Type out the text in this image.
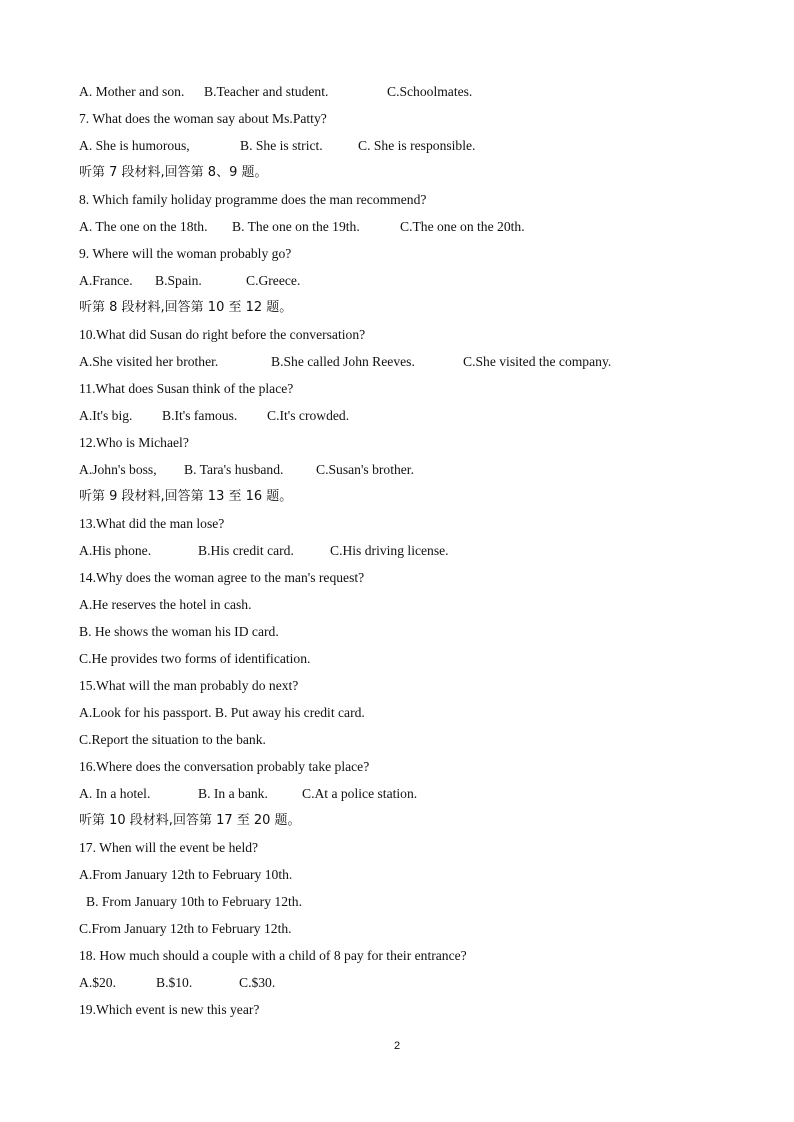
A. Mother and son.

B.Teacher and student.

	C.Schoolmates.

7. What does the woman say about Ms.Patty?

A. She is humorous,

	B. She is strict.

	C. She is responsible.

听第 7 段材料,回答第 8、9 题。
8. Which family holiday programme does the man recommend?

A. The one on the 18th.

B. The one on the 19th.

	C.The one on the 20th.

9. Where will the woman probably go?

A.France.

B.Spain.

	C.Greece.

听第 8 段材料,回答第 10 至 12 题。
10.What did Susan do right before the conversation?

A.She visited her brother.

	B.She called John Reeves.

	C.She visited the company.

11.What does Susan think of the place?

A.It's big.

B.It's famous.

C.It's crowded.

12.Who is Michael?

A.John's boss,

B. Tara's husband.

C.Susan's brother.

听第 9 段材料,回答第 13 至 16 题。
13.What did the man lose?

A.His phone.

	B.His credit card.

	C.His driving license.

14.Why does the woman agree to the man's request?
A.He reserves the hotel in cash.
B. He shows the woman his ID card.
C.He provides two forms of identification.
15.What will the man probably do next?
A.Look for his passport. B. Put away his credit card.
C.Report the situation to the bank.
16.Where does the conversation probably take place?

A. In a hotel.

	B. In a bank.

	C.At a police station.

听第 10 段材料,回答第 17 至 20 题。
17. When will the event be held?
A.From January 12th to February 10th.
B. From January 10th to February 12th.
C.From January 12th to February 12th.
18. How much should a couple with a child of 8 pay for their entrance?

A.$20.

	B.$10.

	C.$30.

19.Which event is new this year?
2
